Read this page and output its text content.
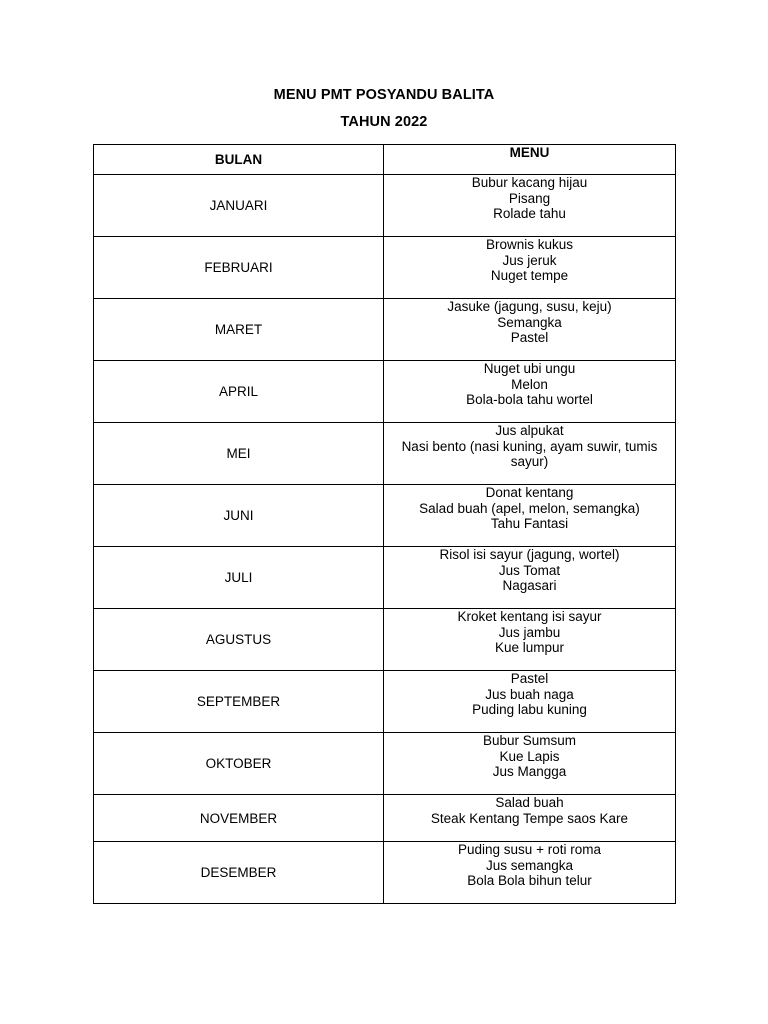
MENU PMT POSYANDU BALITA
TAHUN 2022
BULAN	MENU
JANUARI	Bubur kacang hijau
Pisang
Rolade tahu

FEBRUARI	Brownis kukus
Jus jeruk
Nuget tempe

MARET	Jasuke (jagung, susu, keju)
Semangka
Pastel

APRIL	Nuget ubi ungu
Melon
Bola-bola tahu wortel

MEI	Jus alpukat
Nasi bento (nasi kuning, ayam suwir, tumis sayur)

JUNI	Donat kentang
Salad buah (apel, melon, semangka)
Tahu Fantasi

JULI	Risol isi sayur (jagung, wortel)
Jus Tomat
Nagasari

AGUSTUS	Kroket kentang isi sayur
Jus jambu
Kue lumpur

SEPTEMBER	Pastel
Jus buah naga
Puding labu kuning

OKTOBER	Bubur Sumsum
Kue Lapis
Jus Mangga

NOVEMBER	Salad buah
Steak Kentang Tempe saos Kare

DESEMBER	Puding susu + roti roma
Jus semangka
Bola Bola bihun telur
